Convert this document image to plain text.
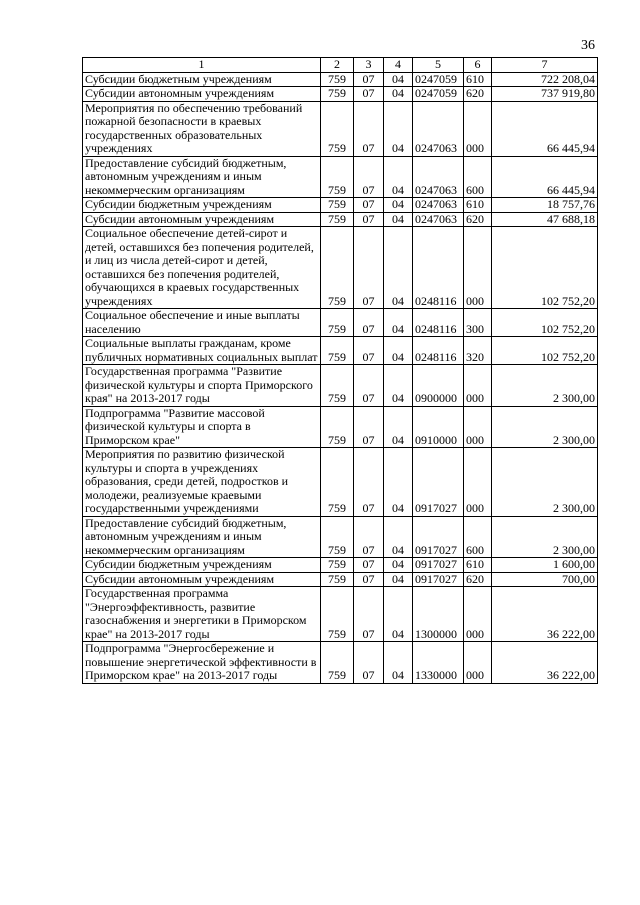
36
1	2	3	4	5	6	7
Субсидии бюджетным учреждениям	759	07	04	0247059	610	722 208,04
Субсидии автономным учреждениям	759	07	04	0247059	620	737 919,80
Мероприятия по обеспечению требований пожарной безопасности в краевых государственных образовательных учреждениях	759	07	04	0247063	000	66 445,94
Предоставление субсидий бюджетным, автономным учреждениям и иным некоммерческим организациям	759	07	04	0247063	600	66 445,94
Субсидии бюджетным учреждениям	759	07	04	0247063	610	18 757,76
Субсидии автономным учреждениям	759	07	04	0247063	620	47 688,18
Социальное обеспечение детей-сирот и детей, оставшихся без попечения родителей, и лиц из числа детей-сирот и детей, оставшихся без попечения родителей, обучающихся в краевых государственных учреждениях	759	07	04	0248116	000	102 752,20
Социальное обеспечение и иные выплаты населению	759	07	04	0248116	300	102 752,20
Социальные выплаты гражданам, кроме публичных нормативных социальных выплат	759	07	04	0248116	320	102 752,20
Государственная программа "Развитие физической культуры и спорта Приморского края" на 2013-2017 годы	759	07	04	0900000	000	2 300,00
Подпрограмма "Развитие массовой физической культуры и спорта в Приморском крае"	759	07	04	0910000	000	2 300,00
Мероприятия по развитию физической культуры и спорта в учреждениях образования, среди детей, подростков и молодежи, реализуемые краевыми государственными учреждениями	759	07	04	0917027	000	2 300,00
Предоставление субсидий бюджетным, автономным учреждениям и иным некоммерческим организациям	759	07	04	0917027	600	2 300,00
Субсидии бюджетным учреждениям	759	07	04	0917027	610	1 600,00
Субсидии автономным учреждениям	759	07	04	0917027	620	700,00
Государственная программа "Энергоэффективность, развитие газоснабжения и энергетики в Приморском крае" на 2013-2017 годы	759	07	04	1300000	000	36 222,00
Подпрограмма "Энергосбережение и повышение энергетической эффективности в Приморском крае" на 2013-2017 годы	759	07	04	1330000	000	36 222,00
